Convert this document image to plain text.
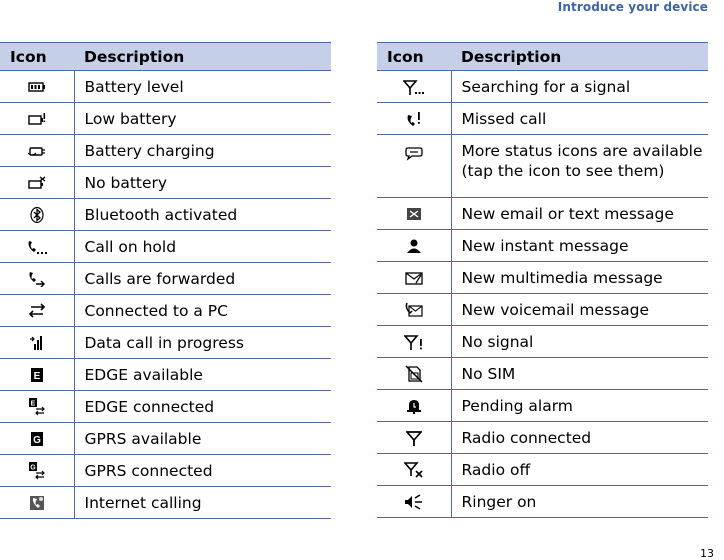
Introduce your device
Icon	Description
	Battery level
	Low battery
	Battery charging
	No battery
	Bluetooth activated
	Call on hold
	Calls are forwarded
	Connected to a PC
	Data call in progress

E	EDGE available

E	EDGE connected

G	GPRS available

G	GPRS connected
	Internet calling
Icon	Description
	Searching for a signal
	Missed call
	More status icons are available (tap the icon to see them)
	New email or text message
	New instant message
	New multimedia message
	New voicemail message
	No signal
	No SIM
	Pending alarm
	Radio connected
	Radio off
	Ringer on
13
